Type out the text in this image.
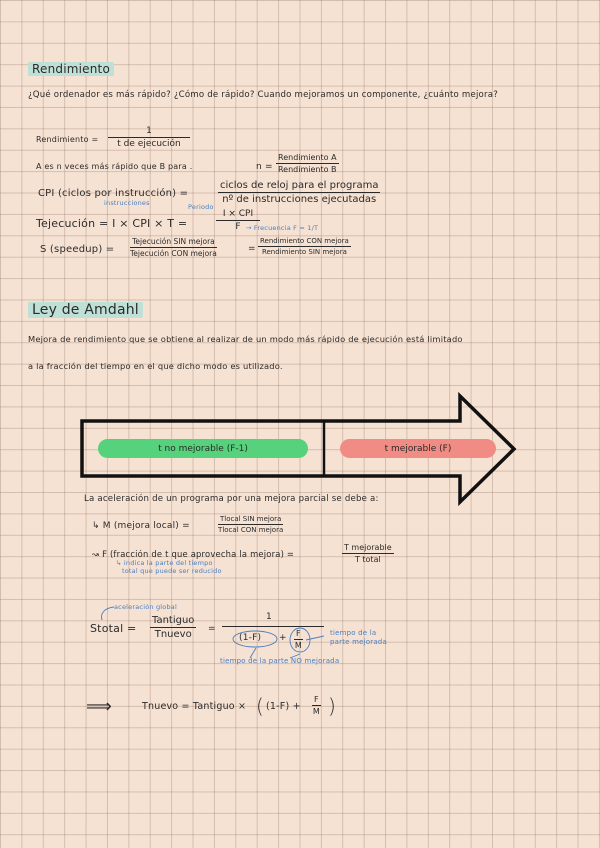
Rendimiento
¿Qué ordenador es más rápido? ¿Cómo de rápido? Cuando mejoramos un componente, ¿cuánto mejora?
Rendimiento =
1
t de ejecución
A es n veces más rápido que B para .	n =
Rendimiento A
Rendimiento B
CPI (ciclos por instrucción) =
ciclos de reloj para el programa
nº de instrucciones ejecutadas
instrucciones	Periodo
Tejecución = I × CPI × T =
I × CPI
F → Frecuencia F = 1/T
S (speedup) =
Tejecución SIN mejora
Tejecución CON mejora	=
Rendimiento CON mejora
Rendimiento SIN mejora
Ley de Amdahl
Mejora de rendimiento que se obtiene al realizar de un modo más rápido de ejecución está limitado
a la fracción del tiempo en el que dicho modo es utilizado.
t no mejorable (F-1)	t mejorable (F)
La aceleración de un programa por una mejora parcial se debe a:
↳ M (mejora local) =
Tlocal SIN mejora
Tlocal CON mejora
↝ F (fracción de t que aprovecha la mejora) =
T mejorable
T total
↳ indica la parte del tiempo
total que puede ser reducido
aceleración global
Stotal =
Tantiguo
Tnuevo =
1
$(1-F) + \frac{F}{M}$	tiempo de la
parte mejorada
tiempo de la parte NO mejorada
⟹	Tnuevo = Tantiguo × ( $(1-F) + \frac{F}{M}$ )
